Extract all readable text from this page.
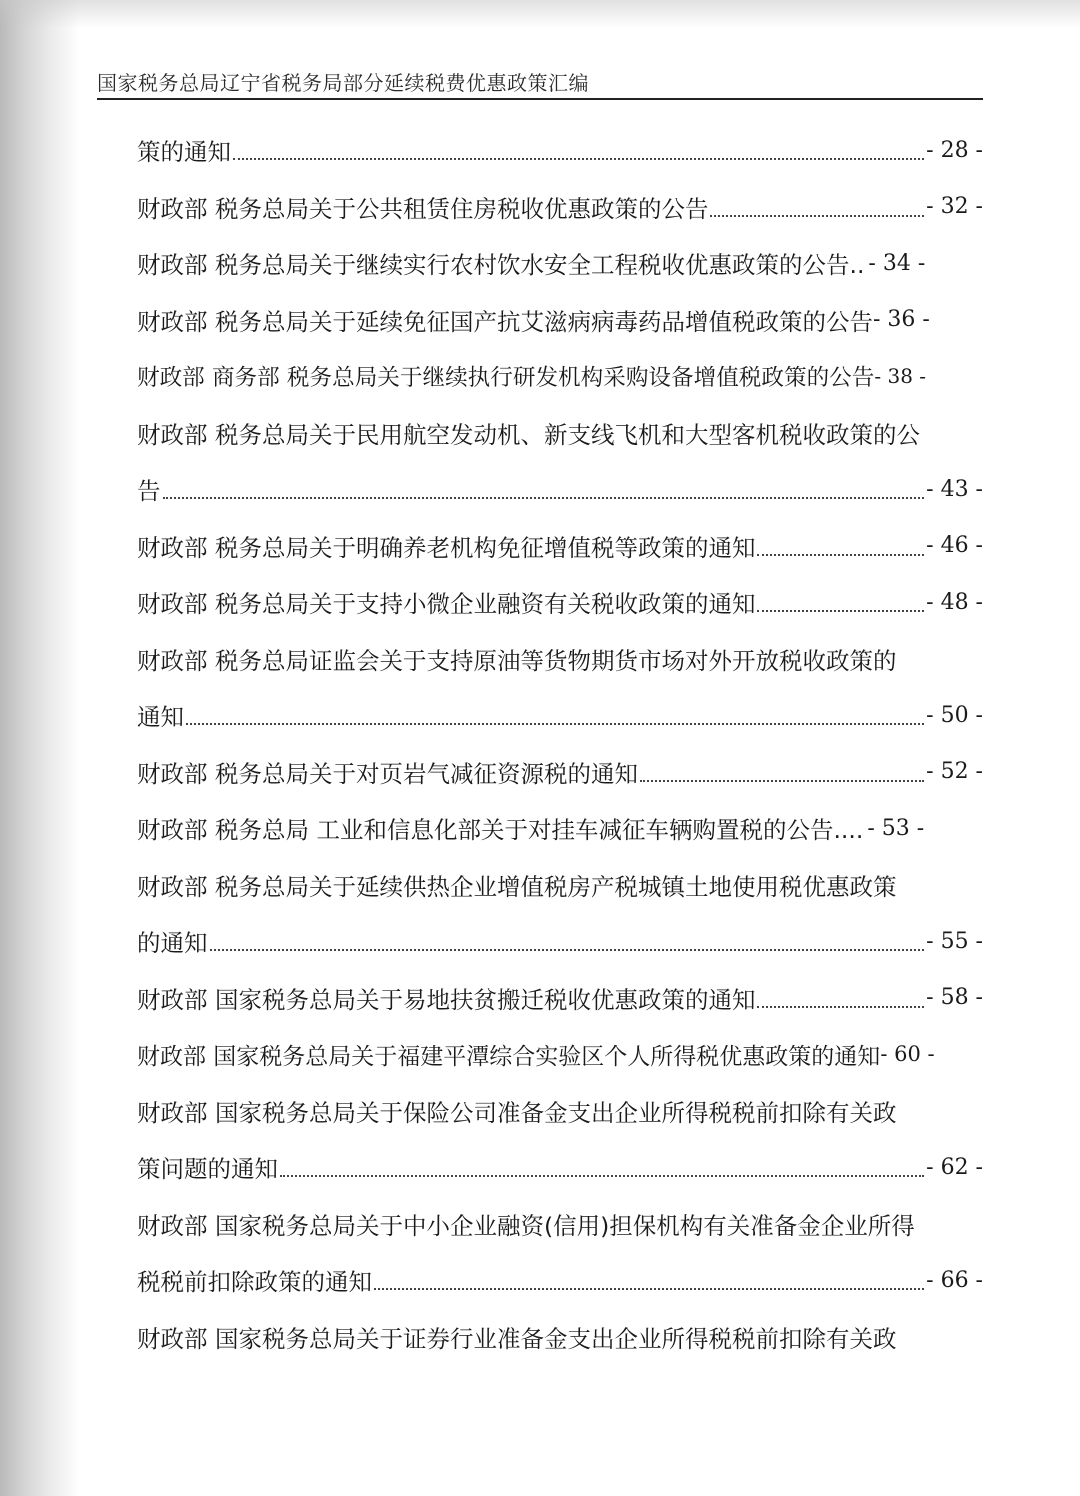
国家税务总局辽宁省税务局部分延续税费优惠政策汇编
策的通知	- 28 -
财政部 税务总局关于公共租赁住房税收优惠政策的公告	- 32 -
财政部 税务总局关于继续实行农村饮水安全工程税收优惠政策的公告.. - 34 -
财政部 税务总局关于延续免征国产抗艾滋病病毒药品增值税政策的公告 - 36 -
财政部 商务部 税务总局关于继续执行研发机构采购设备增值税政策的公告 - 38 -
财政部 税务总局关于民用航空发动机、新支线飞机和大型客机税收政策的公
告	- 43 -
财政部 税务总局关于明确养老机构免征增值税等政策的通知	- 46 -
财政部 税务总局关于支持小微企业融资有关税收政策的通知	- 48 -
财政部 税务总局证监会关于支持原油等货物期货市场对外开放税收政策的
通知	- 50 -
财政部 税务总局关于对页岩气减征资源税的通知	- 52 -
财政部 税务总局 工业和信息化部关于对挂车减征车辆购置税的公告.... - 53 -
财政部 税务总局关于延续供热企业增值税房产税城镇土地使用税优惠政策
的通知	- 55 -
财政部 国家税务总局关于易地扶贫搬迁税收优惠政策的通知	- 58 -
财政部 国家税务总局关于福建平潭综合实验区个人所得税优惠政策的通知 - 60 -
财政部 国家税务总局关于保险公司准备金支出企业所得税税前扣除有关政
策问题的通知	- 62 -
财政部 国家税务总局关于中小企业融资(信用)担保机构有关准备金企业所得
税税前扣除政策的通知	- 66 -
财政部 国家税务总局关于证券行业准备金支出企业所得税税前扣除有关政
